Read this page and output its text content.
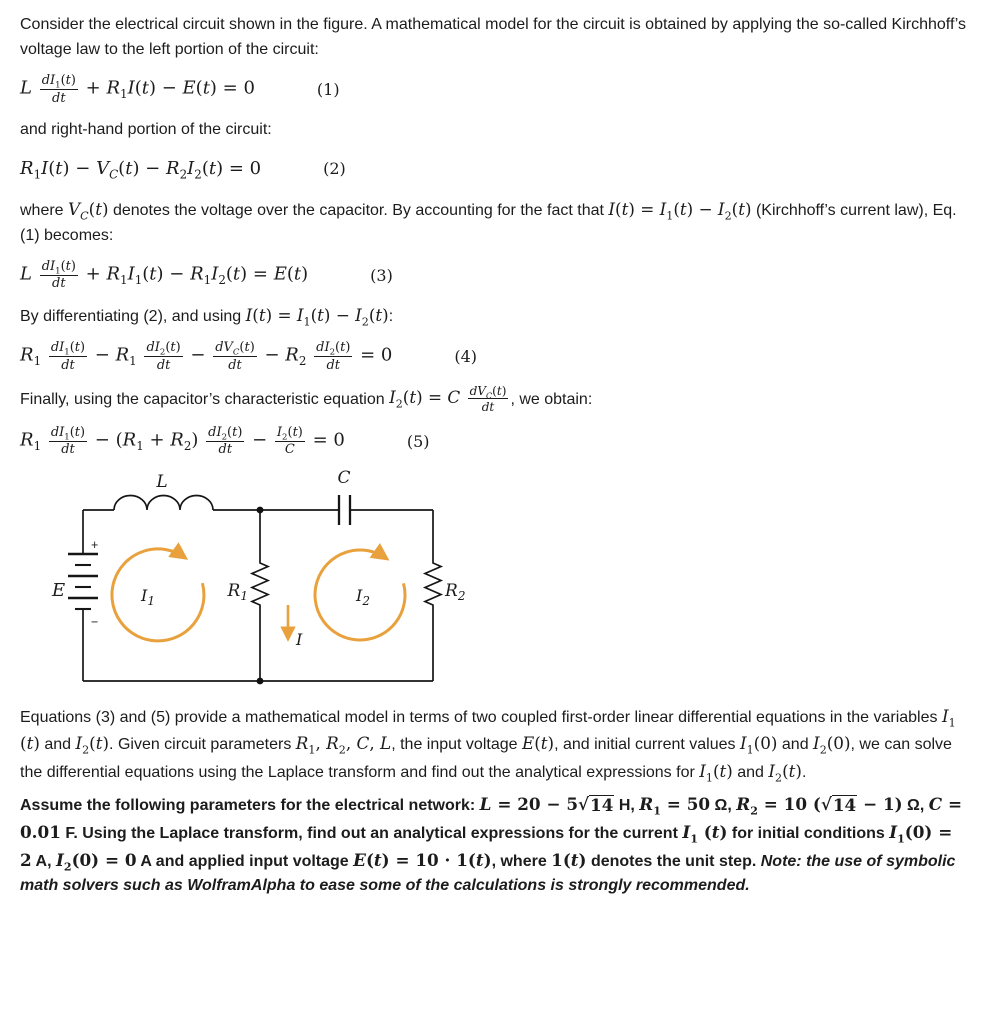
Consider the electrical circuit shown in the figure. A mathematical model for the circuit is obtained by applying the so-called Kirchhoff’s voltage law to the left portion of the circuit:
L $\frac{dI_1(t)}{dt} + R_1I(t) - E(t) = 0$	(1)
and right-hand portion of the circuit:
$R_1I(t) - V_C(t) - R_2I_2(t) = 0$	(2)
where $V_C(t)$ denotes the voltage over the capacitor. By accounting for the fact that $I(t) = I_1(t) - I_2(t)$ (Kirchhoff’s current law), Eq. (1) becomes:
L $\frac{dI_1(t)}{dt} + R_1I_1(t) - R_1I_2(t) = E(t)$	(3)
By differentiating (2), and using $I(t) = I_1(t) - I_2(t)$:
$R_1 \frac{dI_1(t)}{dt} - R_1 \frac{dI_2(t)}{dt} - \frac{dV_C(t)}{dt} - R_2 \frac{dI_2(t)}{dt} = 0$	(4)
Finally, using the capacitor’s characteristic equation $I_2(t) = C \frac{dV_C(t)}{dt}$ , we obtain:
$R_1 \frac{dI_1(t)}{dt} - (R_1 + R_2) \frac{dI_2(t)}{dt} - \frac{I_2(t)}{C} = 0$	(5)
L	C
E
+
−
$I_1$	$R_1$
I
$I_2$	$R_2$
Equations (3) and (5) provide a mathematical model in terms of two coupled first-order linear differential equations in the variables $I_1$ (t) and $I_2(t)$. Given circuit parameters $R_1$, $R_2$, C, L, the input voltage E(t), and initial current values $I_1(0)$ and $I_2(0)$, we can solve the differential equations using the Laplace transform and find out the analytical expressions for $I_1(t)$ and $I_2(t)$.
Assume the following parameters for the electrical network: L = 20 − 5 √ 14 H, $R_1 = 50$ Ω, $R_2 = 10$ ( √ 14 − 1) Ω, C = 0.01 F. Using the Laplace transform, find out an analytical expressions for the current $I_1$ (t) for initial conditions $I_1(0) = 2$ A, $I_2(0) = 0$ A and applied input voltage E(t) = 10 · 1(t), where 1(t) denotes the unit step. Note: the use of symbolic math solvers such as WolframAlpha to ease some of the calculations is strongly recommended.
